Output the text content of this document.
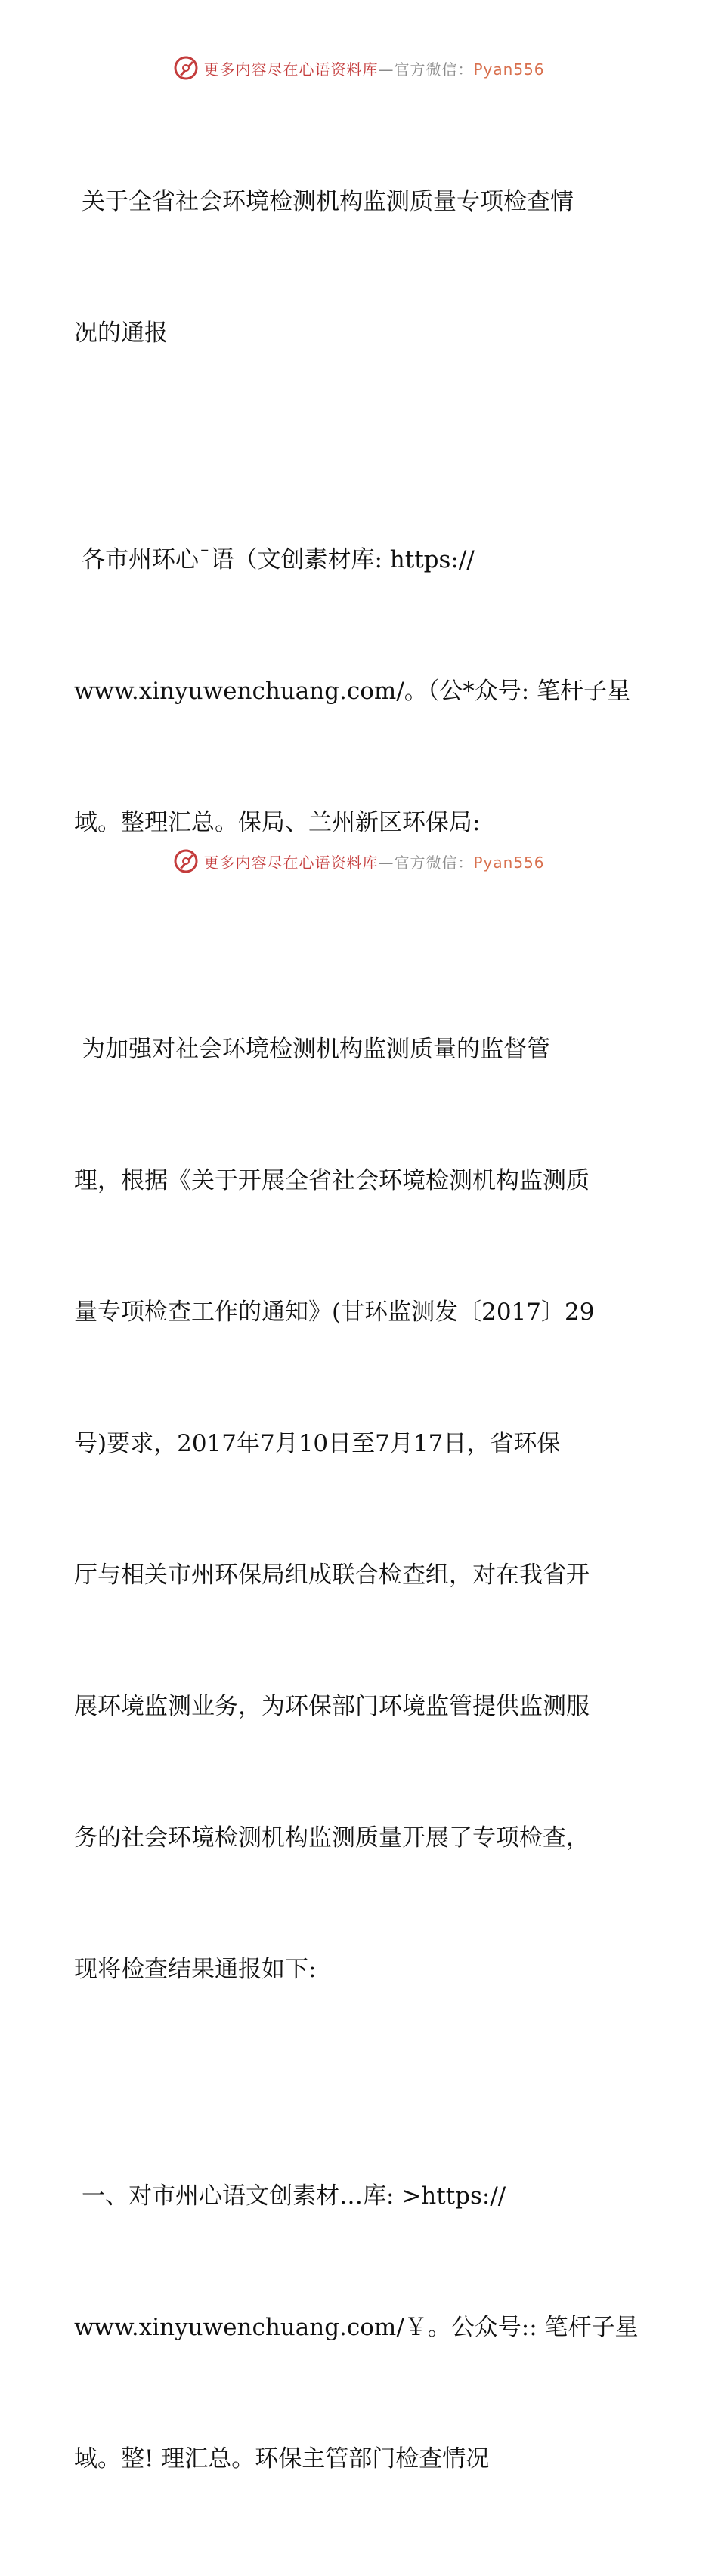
更多内容尽在心语资料库—官方微信：Pyan556

关于全省社会环境检测机构监测质量专项检查情

况的通报

各市州环心¯语（文创素材库: https://

www.xinyuwenchuang.com/。（公*众号: 笔杆子星

域。整理汇总。保局、兰州新区环保局:

为加强对社会环境检测机构监测质量的监督管

理，根据《关于开展全省社会环境检测机构监测质

量专项检查工作的通知》(甘环监测发〔2017〕29

号)要求，2017年7月10日至7月17日，省环保

厅与相关市州环保局组成联合检查组，对在我省开

展环境监测业务，为环保部门环境监管提供监测服

务的社会环境检测机构监测质量开展了专项检查，

现将检查结果通报如下:

一、对市州心语文创素材…库: >https://

www.xinyuwenchuang.com/￥。公众号:: 笔杆子星

域。整! 理汇总。环保主管部门检查情况

更多内容尽在心语资料库—官方微信：Pyan556
